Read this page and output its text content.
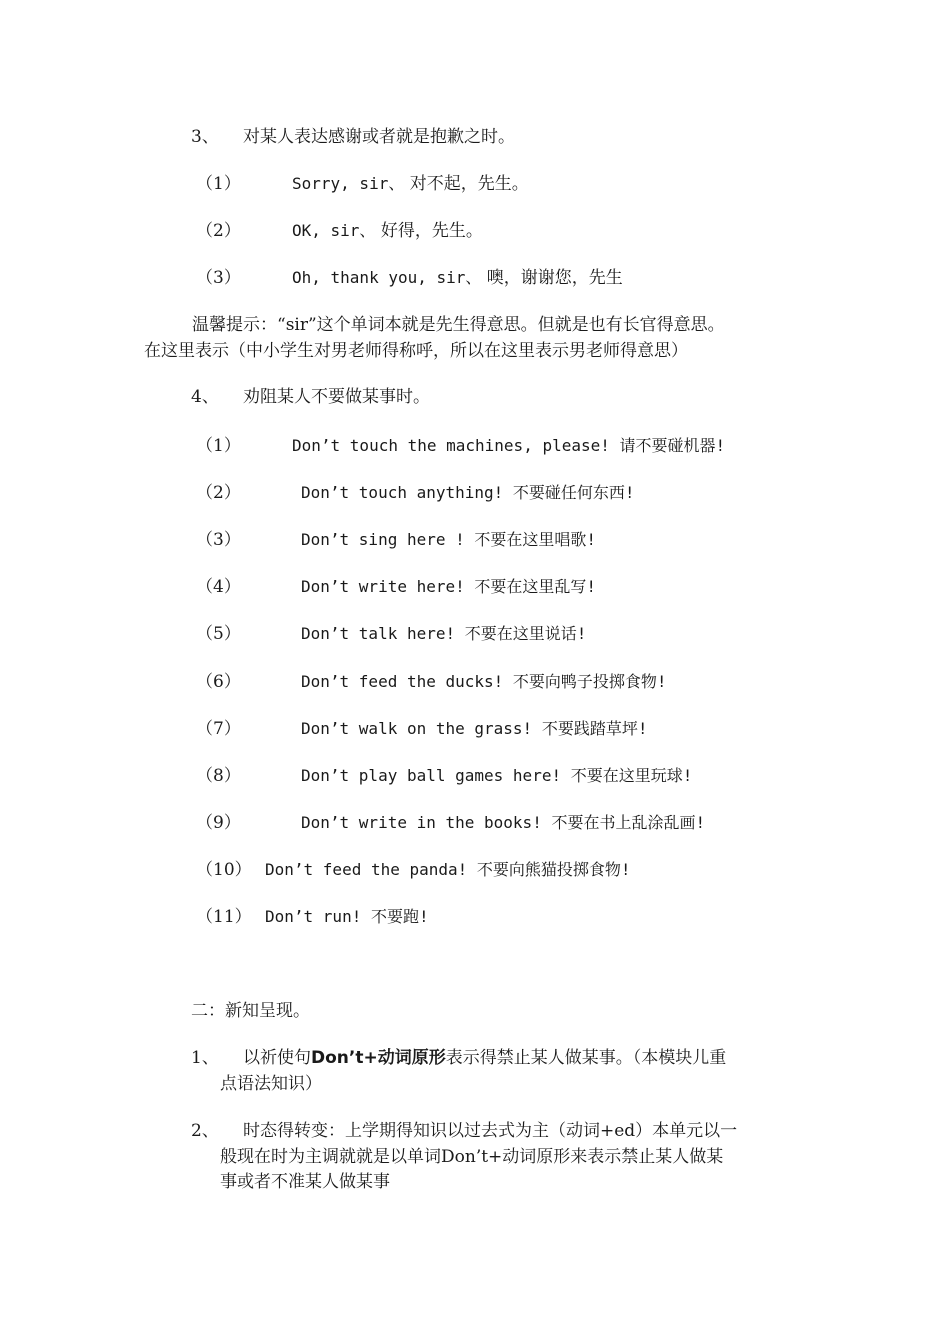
3、 对某人表达感谢或者就是抱歉之时。
（1）	Sorry, sir、 对不起，先生。
（2）	OK, sir、 好得，先生。
（3）	Oh, thank you, sir、 噢，谢谢您，先生
温馨提示：“sir”这个单词本就是先生得意思。但就是也有长官得意思。
在这里表示（中小学生对男老师得称呼，所以在这里表示男老师得意思）
4、 劝阻某人不要做某事时。
（1）	Don’t touch the machines, please! 请不要碰机器!
（2）	Don’t touch anything! 不要碰任何东西!
（3）	Don’t sing here ! 不要在这里唱歌!
（4）	Don’t write here! 不要在这里乱写!
（5）	Don’t talk here! 不要在这里说话!
（6）	Don’t feed the ducks! 不要向鸭子投掷食物!
（7）	Don’t walk on the grass! 不要践踏草坪!
（8）	Don’t play ball games here! 不要在这里玩球!
（9）	Don’t write in the books! 不要在书上乱涂乱画!
（10） Don’t feed the panda! 不要向熊猫投掷食物!
（11） Don’t run! 不要跑!
二：新知呈现。
1、 以祈使句Don’t+动词原形表示得禁止某人做某事。（本模块儿重
点语法知识）
2、 时态得转变：上学期得知识以过去式为主（动词+ed）本单元以一
般现在时为主调就就是以单词Don’t+动词原形来表示禁止某人做某
事或者不准某人做某事
